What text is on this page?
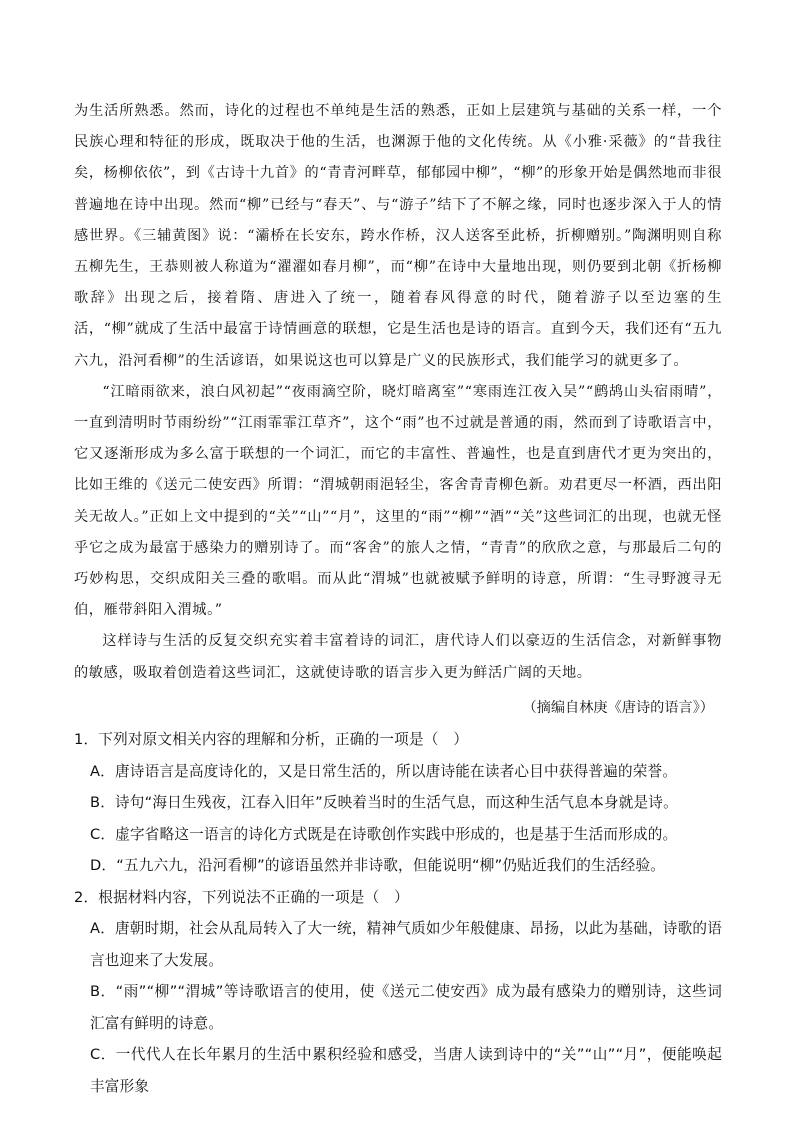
为生活所熟悉。然而，诗化的过程也不单纯是生活的熟悉，正如上层建筑与基础的关系一样，一个民族心理和特征的形成，既取决于他的生活，也渊源于他的文化传统。从《小雅·采薇》的“昔我往矣，杨柳依依”，到《古诗十九首》的“青青河畔草，郁郁园中柳”，“柳”的形象开始是偶然地而非很普遍地在诗中出现。然而“柳”已经与“春天”、与“游子”结下了不解之缘，同时也逐步深入于人的情感世界。《三辅黄图》说：“灞桥在长安东，跨水作桥，汉人送客至此桥，折柳赠别。”陶渊明则自称五柳先生，王恭则被人称道为“濯濯如春月柳”，而“柳”在诗中大量地出现，则仍要到北朝《折杨柳歌辞》出现之后，接着隋、唐进入了统一，随着春风得意的时代，随着游子以至边塞的生活，“柳”就成了生活中最富于诗情画意的联想，它是生活也是诗的语言。直到今天，我们还有“五九六九，沿河看柳”的生活谚语，如果说这也可以算是广义的民族形式，我们能学习的就更多了。

“江暗雨欲来，浪白风初起”“夜雨滴空阶，晓灯暗离室”“寒雨连江夜入吴”“鹧鸪山头宿雨晴”，一直到清明时节雨纷纷”“江雨霏霏江草齐”，这个“雨”也不过就是普通的雨，然而到了诗歌语言中，它又逐渐形成为多么富于联想的一个词汇，而它的丰富性、普遍性，也是直到唐代才更为突出的，比如王维的《送元二使安西》所谓：“渭城朝雨浥轻尘，客舍青青柳色新。劝君更尽一杯酒，西出阳关无故人。”正如上文中提到的“关”“山”“月”，这里的“雨”“柳”“酒”“关”这些词汇的出现，也就无怪乎它之成为最富于感染力的赠别诗了。而“客舍”的旅人之情，“青青”的欣欣之意，与那最后二句的巧妙构思，交织成阳关三叠的歌唱。而从此“渭城”也就被赋予鲜明的诗意，所谓：“生寻野渡寻无伯，雁带斜阳入渭城。”

这样诗与生活的反复交织充实着丰富着诗的词汇，唐代诗人们以豪迈的生活信念，对新鲜事物的敏感，吸取着创造着这些词汇，这就使诗歌的语言步入更为鲜活广阔的天地。

（摘编自林庚《唐诗的语言》）

1．下列对原文相关内容的理解和分析，正确的一项是（　）

A．唐诗语言是高度诗化的，又是日常生活的，所以唐诗能在读者心目中获得普遍的荣誉。

B．诗句“海日生残夜，江春入旧年”反映着当时的生活气息，而这种生活气息本身就是诗。

C．虚字省略这一语言的诗化方式既是在诗歌创作实践中形成的，也是基于生活而形成的。

D．“五九六九，沿河看柳”的谚语虽然并非诗歌，但能说明“柳”仍贴近我们的生活经验。

2．根据材料内容，下列说法不正确的一项是（　）

A．唐朝时期，社会从乱局转入了大一统，精神气质如少年般健康、昂扬，以此为基础，诗歌的语言也迎来了大发展。

B．“雨”“柳”“渭城”等诗歌语言的使用，使《送元二使安西》成为最有感染力的赠别诗，这些词汇富有鲜明的诗意。

C．一代代人在长年累月的生活中累积经验和感受，当唐人读到诗中的“关”“山”“月”，便能唤起丰富形象
